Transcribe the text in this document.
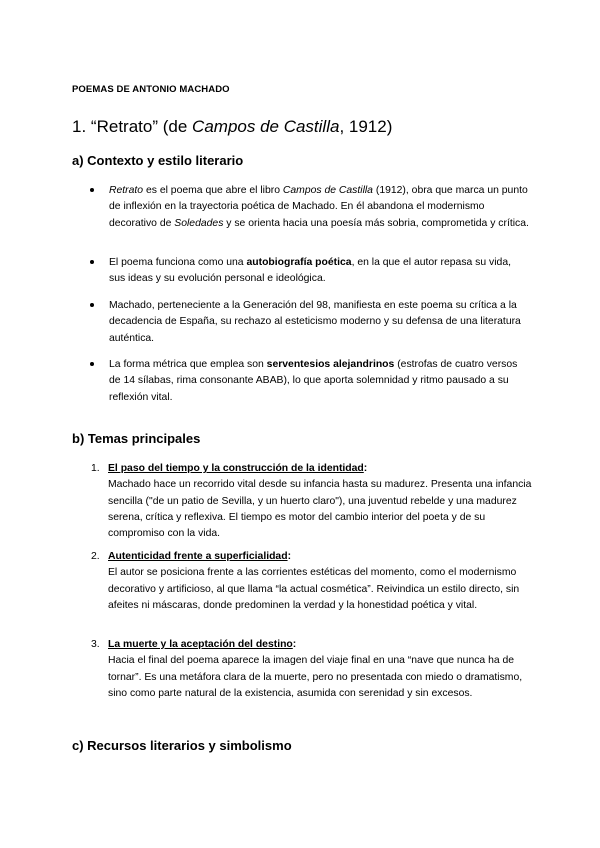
POEMAS DE ANTONIO MACHADO

1. “Retrato” (de Campos de Castilla, 1912)
a) Contexto y estilo literario

Retrato es el poema que abre el libro Campos de Castilla (1912), obra que marca un punto de inflexión en la trayectoria poética de Machado. En él abandona el modernismo decorativo de Soledades y se orienta hacia una poesía más sobria, comprometida y crítica.

El poema funciona como una autobiografía poética, en la que el autor repasa su vida, sus ideas y su evolución personal e ideológica.

Machado, perteneciente a la Generación del 98, manifiesta en este poema su crítica a la decadencia de España, su rechazo al esteticismo moderno y su defensa de una literatura auténtica.

La forma métrica que emplea son serventesios alejandrinos (estrofas de cuatro versos de 14 sílabas, rima consonante ABAB), lo que aporta solemnidad y ritmo pausado a su reflexión vital.

b) Temas principales
1. El paso del tiempo y la construcción de la identidad:
Machado hace un recorrido vital desde su infancia hasta su madurez. Presenta una infancia sencilla ("de un patio de Sevilla, y un huerto claro"), una juventud rebelde y una madurez serena, crítica y reflexiva. El tiempo es motor del cambio interior del poeta y de su compromiso con la vida.

2. Autenticidad frente a superficialidad:
El autor se posiciona frente a las corrientes estéticas del momento, como el modernismo decorativo y artificioso, al que llama “la actual cosmética”. Reivindica un estilo directo, sin afeites ni máscaras, donde predominen la verdad y la honestidad poética y vital.

3. La muerte y la aceptación del destino:
Hacia el final del poema aparece la imagen del viaje final en una “nave que nunca ha de tornar”. Es una metáfora clara de la muerte, pero no presentada con miedo o dramatismo, sino como parte natural de la existencia, asumida con serenidad y sin excesos.

c) Recursos literarios y simbolismo
